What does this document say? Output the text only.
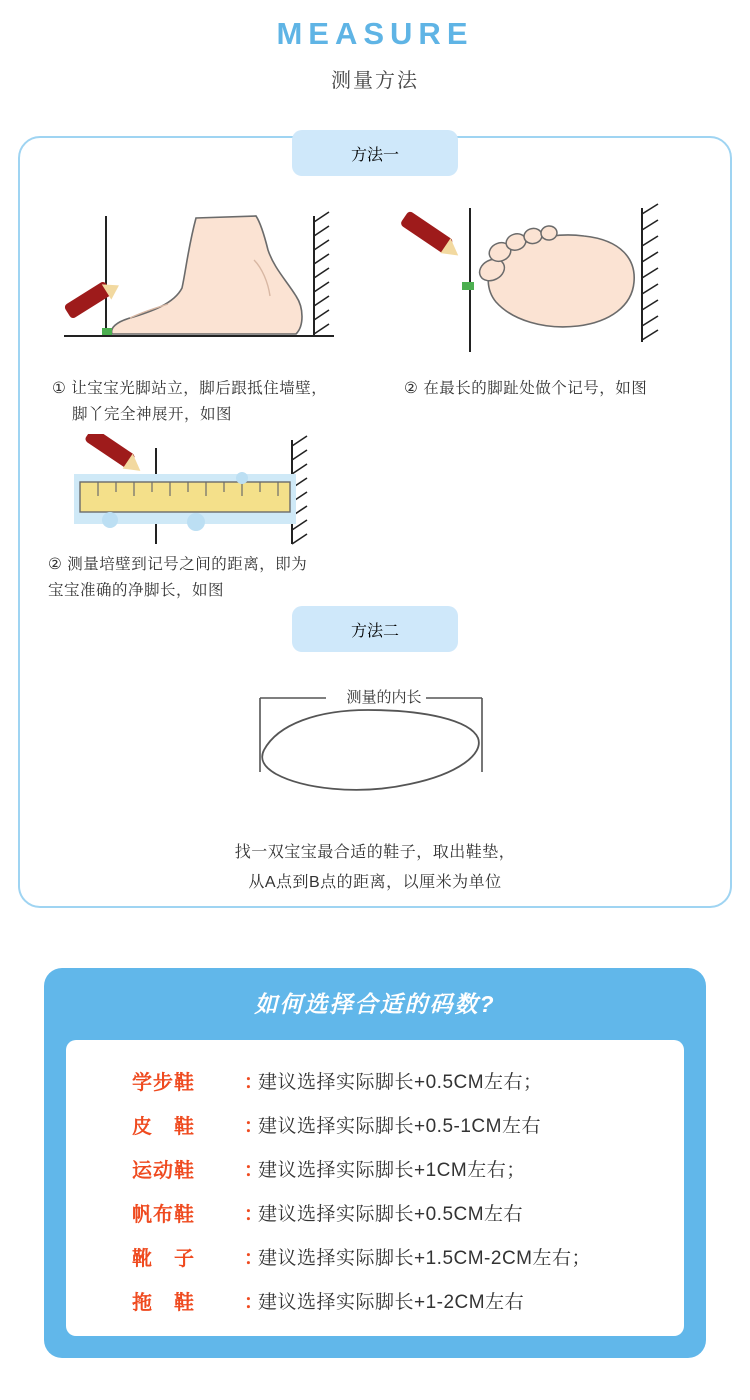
MEASURE
测量方法
方法一
① 让宝宝光脚站立，脚后跟抵住墙壁，
脚丫完全神展开，如图
② 在最长的脚趾处做个记号，如图
② 测量培壁到记号之间的距离，即为
宝宝准确的净脚长，如图
方法二
测量的内长
找一双宝宝最合适的鞋子，取出鞋垫，
从A点到B点的距离，以厘米为单位
如何选择合适的码数?
学步鞋	：
建议选择实际脚长+0.5CM左右；
皮　鞋	：
建议选择实际脚长+0.5-1CM左右
运动鞋	：
建议选择实际脚长+1CM左右；
帆布鞋	：
建议选择实际脚长+0.5CM左右
靴　子	：
建议选择实际脚长+1.5CM-2CM左右；
拖　鞋	：
建议选择实际脚长+1-2CM左右
